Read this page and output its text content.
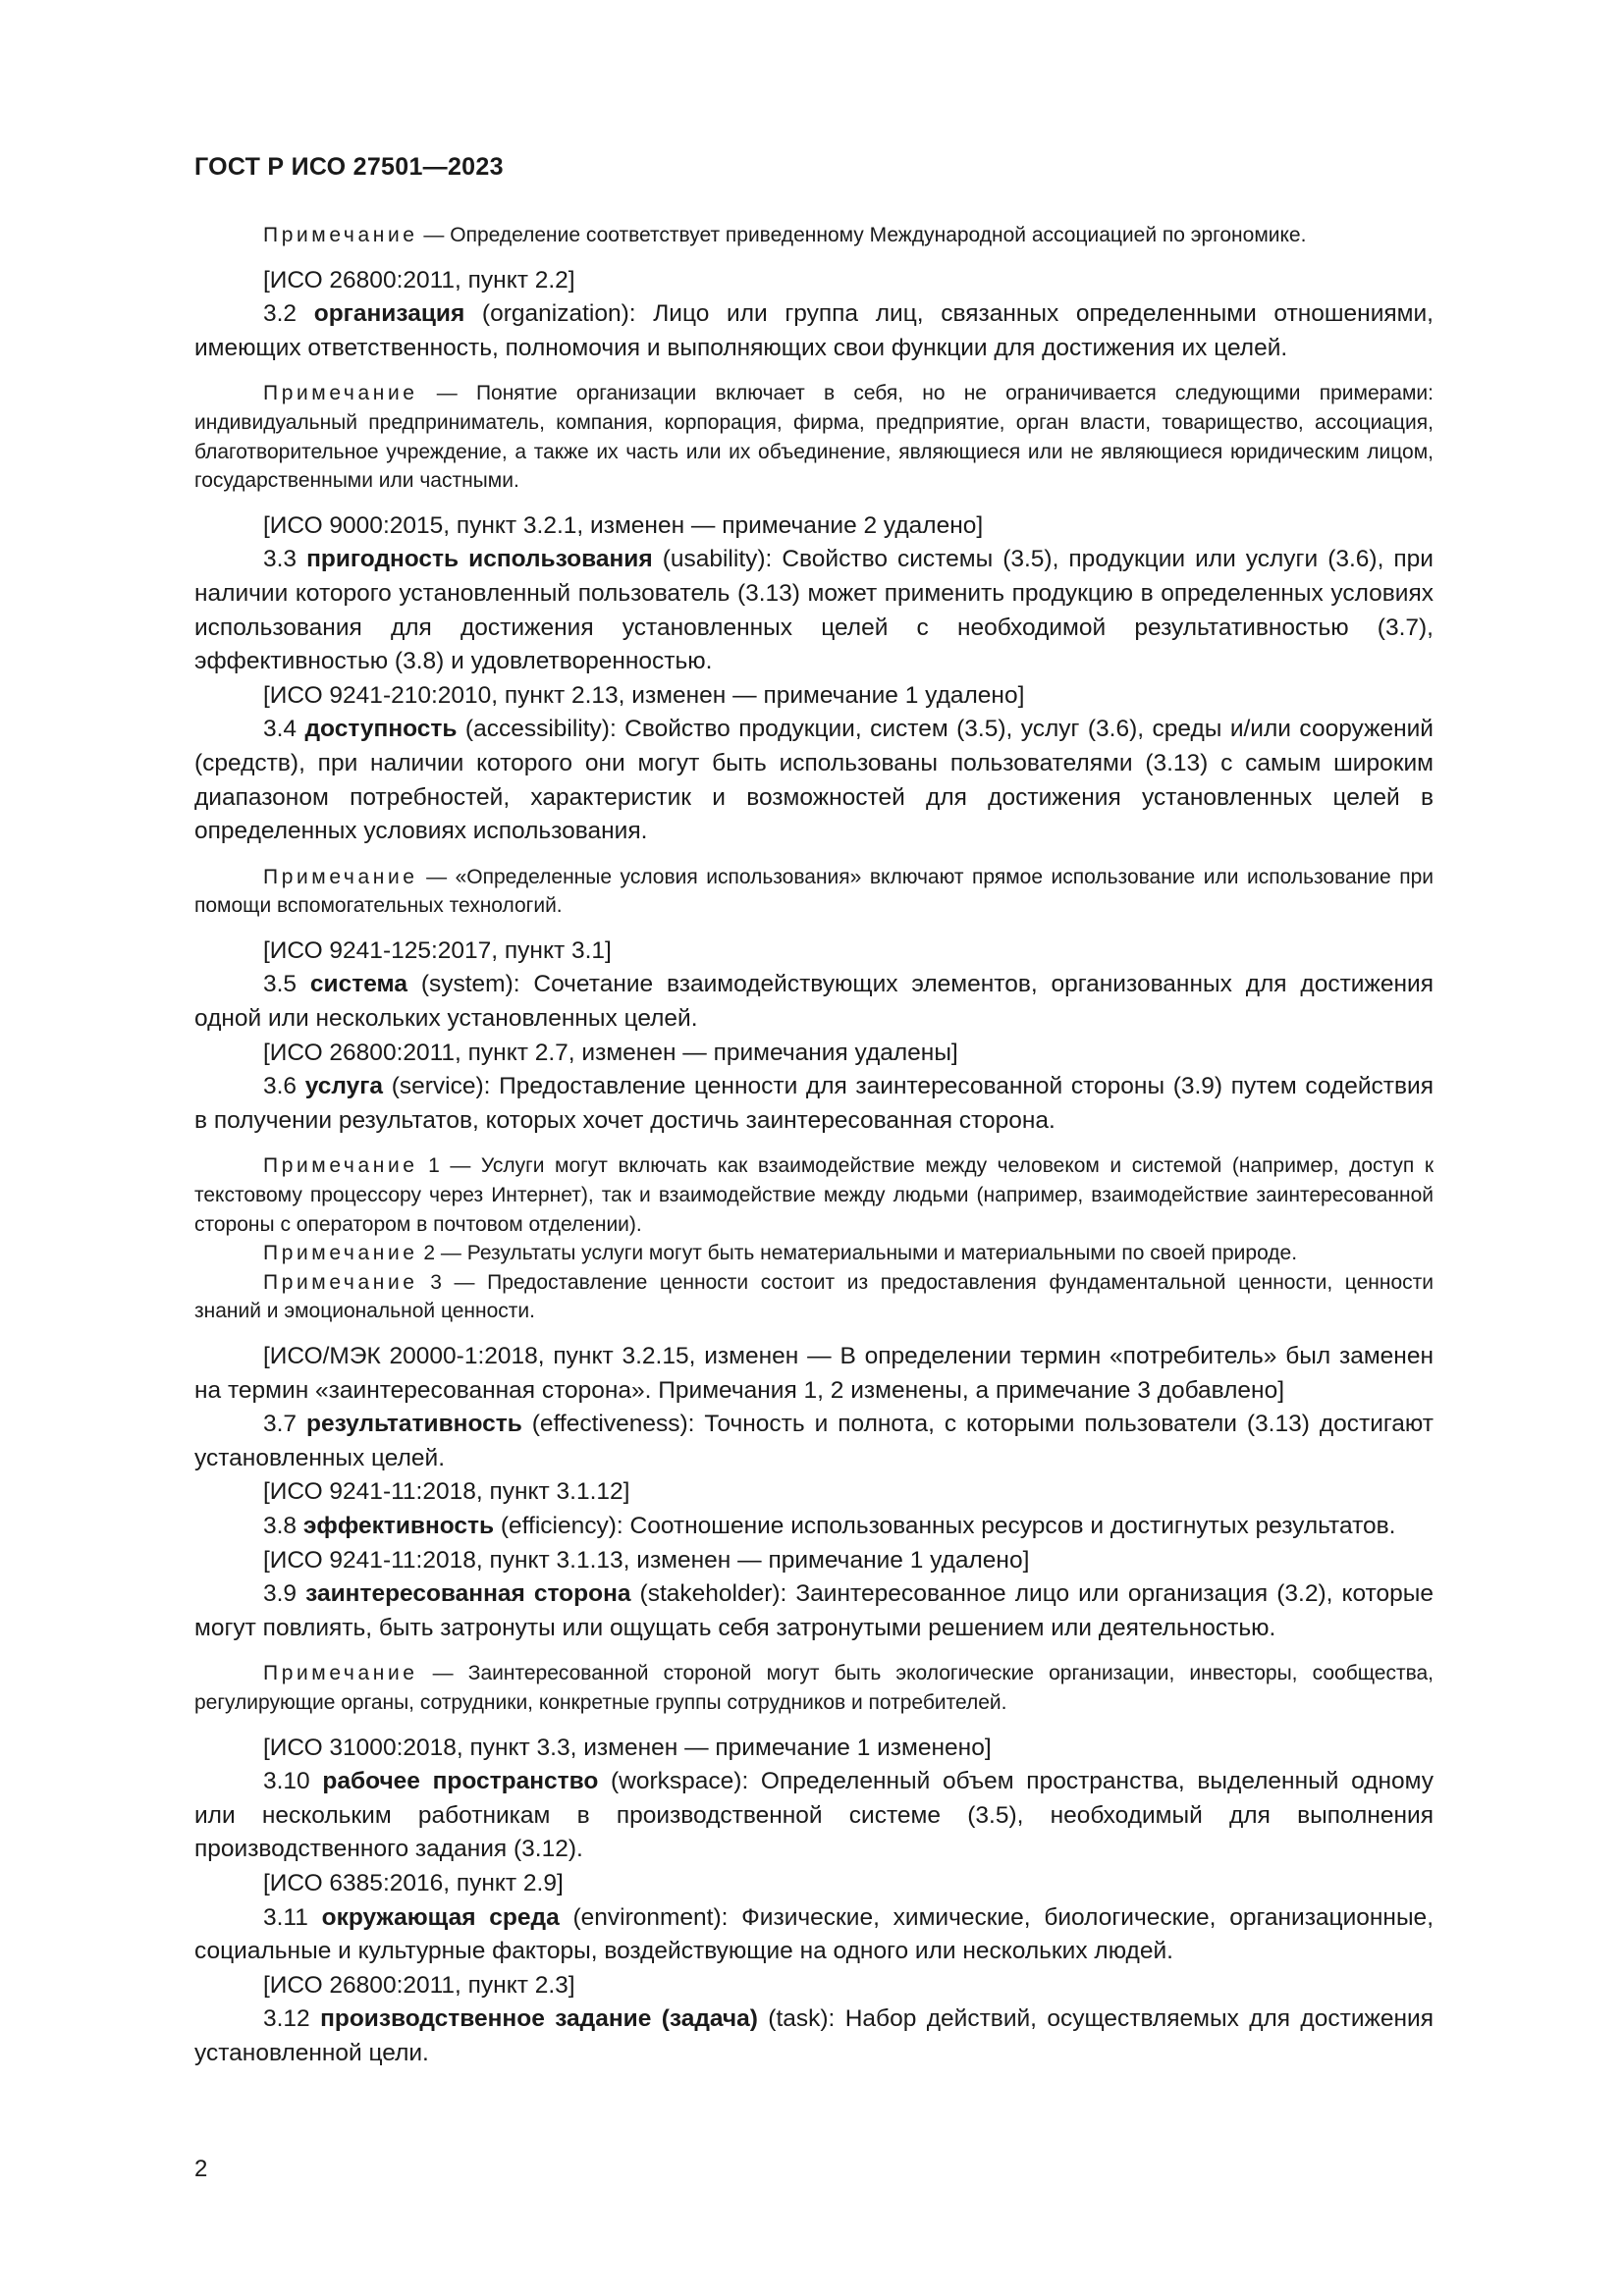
ГОСТ Р ИСО 27501—2023

Примечание — Определение соответствует приведенному Международной ассоциацией по эргономике.

[ИСО 26800:2011, пункт 2.2]

3.2 организация (organization): Лицо или группа лиц, связанных определенными отношениями, имеющих ответственность, полномочия и выполняющих свои функции для достижения их целей.

Примечание — Понятие организации включает в себя, но не ограничивается следующими примерами: индивидуальный предприниматель, компания, корпорация, фирма, предприятие, орган власти, товарищество, ассоциация, благотворительное учреждение, а также их часть или их объединение, являющиеся или не являющиеся юридическим лицом, государственными или частными.

[ИСО 9000:2015, пункт 3.2.1, изменен — примечание 2 удалено]

3.3 пригодность использования (usability): Свойство системы (3.5), продукции или услуги (3.6), при наличии которого установленный пользователь (3.13) может применить продукцию в определенных условиях использования для достижения установленных целей с необходимой результативностью (3.7), эффективностью (3.8) и удовлетворенностью.

[ИСО 9241-210:2010, пункт 2.13, изменен — примечание 1 удалено]

3.4 доступность (accessibility): Свойство продукции, систем (3.5), услуг (3.6), среды и/или сооружений (средств), при наличии которого они могут быть использованы пользователями (3.13) с самым широким диапазоном потребностей, характеристик и возможностей для достижения установленных целей в определенных условиях использования.

Примечание — «Определенные условия использования» включают прямое использование или использование при помощи вспомогательных технологий.

[ИСО 9241-125:2017, пункт 3.1]

3.5 система (system): Сочетание взаимодействующих элементов, организованных для достижения одной или нескольких установленных целей.

[ИСО 26800:2011, пункт 2.7, изменен — примечания удалены]

3.6 услуга (service): Предоставление ценности для заинтересованной стороны (3.9) путем содействия в получении результатов, которых хочет достичь заинтересованная сторона.

Примечание 1 — Услуги могут включать как взаимодействие между человеком и системой (например, доступ к текстовому процессору через Интернет), так и взаимодействие между людьми (например, взаимодействие заинтересованной стороны с оператором в почтовом отделении).

Примечание 2 — Результаты услуги могут быть нематериальными и материальными по своей природе.

Примечание 3 — Предоставление ценности состоит из предоставления фундаментальной ценности, ценности знаний и эмоциональной ценности.

[ИСО/МЭК 20000-1:2018, пункт 3.2.15, изменен — В определении термин «потребитель» был заменен на термин «заинтересованная сторона». Примечания 1, 2 изменены, а примечание 3 добавлено]

3.7 результативность (effectiveness): Точность и полнота, с которыми пользователи (3.13) достигают установленных целей.

[ИСО 9241-11:2018, пункт 3.1.12]

3.8 эффективность (efficiency): Соотношение использованных ресурсов и достигнутых результатов.

[ИСО 9241-11:2018, пункт 3.1.13, изменен — примечание 1 удалено]

3.9 заинтересованная сторона (stakeholder): Заинтересованное лицо или организация (3.2), которые могут повлиять, быть затронуты или ощущать себя затронутыми решением или деятельностью.

Примечание — Заинтересованной стороной могут быть экологические организации, инвесторы, сообщества, регулирующие органы, сотрудники, конкретные группы сотрудников и потребителей.

[ИСО 31000:2018, пункт 3.3, изменен — примечание 1 изменено]

3.10 рабочее пространство (workspace): Определенный объем пространства, выделенный одному или нескольким работникам в производственной системе (3.5), необходимый для выполнения производственного задания (3.12).

[ИСО 6385:2016, пункт 2.9]

3.11 окружающая среда (environment): Физические, химические, биологические, организационные, социальные и культурные факторы, воздействующие на одного или нескольких людей.

[ИСО 26800:2011, пункт 2.3]

3.12 производственное задание (задача) (task): Набор действий, осуществляемых для достижения установленной цели.

2
